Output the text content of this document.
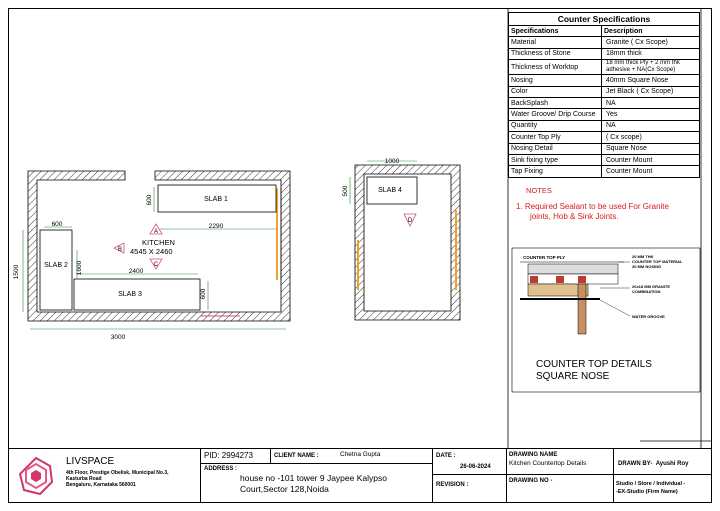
SLAB 1
SLAB 2
SLAB 3
2290
2400
600
3000
1500	1600
600
600
KITCHEN
4545 X 2460
A
B
C
SLAB 4
1000
500
D
COUNTER TOP PLY	20 MM THK
COUNTER TOP MATERIAL
20 MM NOSING
20x18 MM GRANITE
COMBINATION
WATER GROOVE
Counter Specifications	
Specifications	Description
Material	Granite ( Cx Scope)
Thickness of Stone	18mm thick
Thickness of Worktop	18 mm thick Ply + 2 mm thk adhesive + NA(Cx Scope)
Nosing	40mm Square Nose
Color	Jet Black ( Cx Scope)
BackSplash	NA
Water Groove/ Drip Course	Yes
Quantity	NA
Counter Top Ply	( Cx scope)
Nosing Detail	Square Nose
Sink fixing type	Counter Mount
Tap Fixing	Counter Mount
NOTES
1. Required Sealant to be used For Granite
joints, Hob & Sink Joints.
COUNTER TOP DETAILS
SQUARE NOSE
LIVSPACE
4th Floor, Prestige Obelisk, Municipal No.3,
Kasturba Road
Bengaluru, Karnataka 560001
PID: 2994273	CLIENT NAME :	Chetna Gupta
ADDRESS :
house no -101 tower 9 Jaypee Kalypso
Court,Sector 128,Noida
DATE :
26-06-2024
REVISION :
DRAWING NAME
Kitchen Countertop Details
DRAWING NO -
DRAWN BY- Ayushi Roy
Studio / Store / Individual -
-EX-Studio (Firm Name)
